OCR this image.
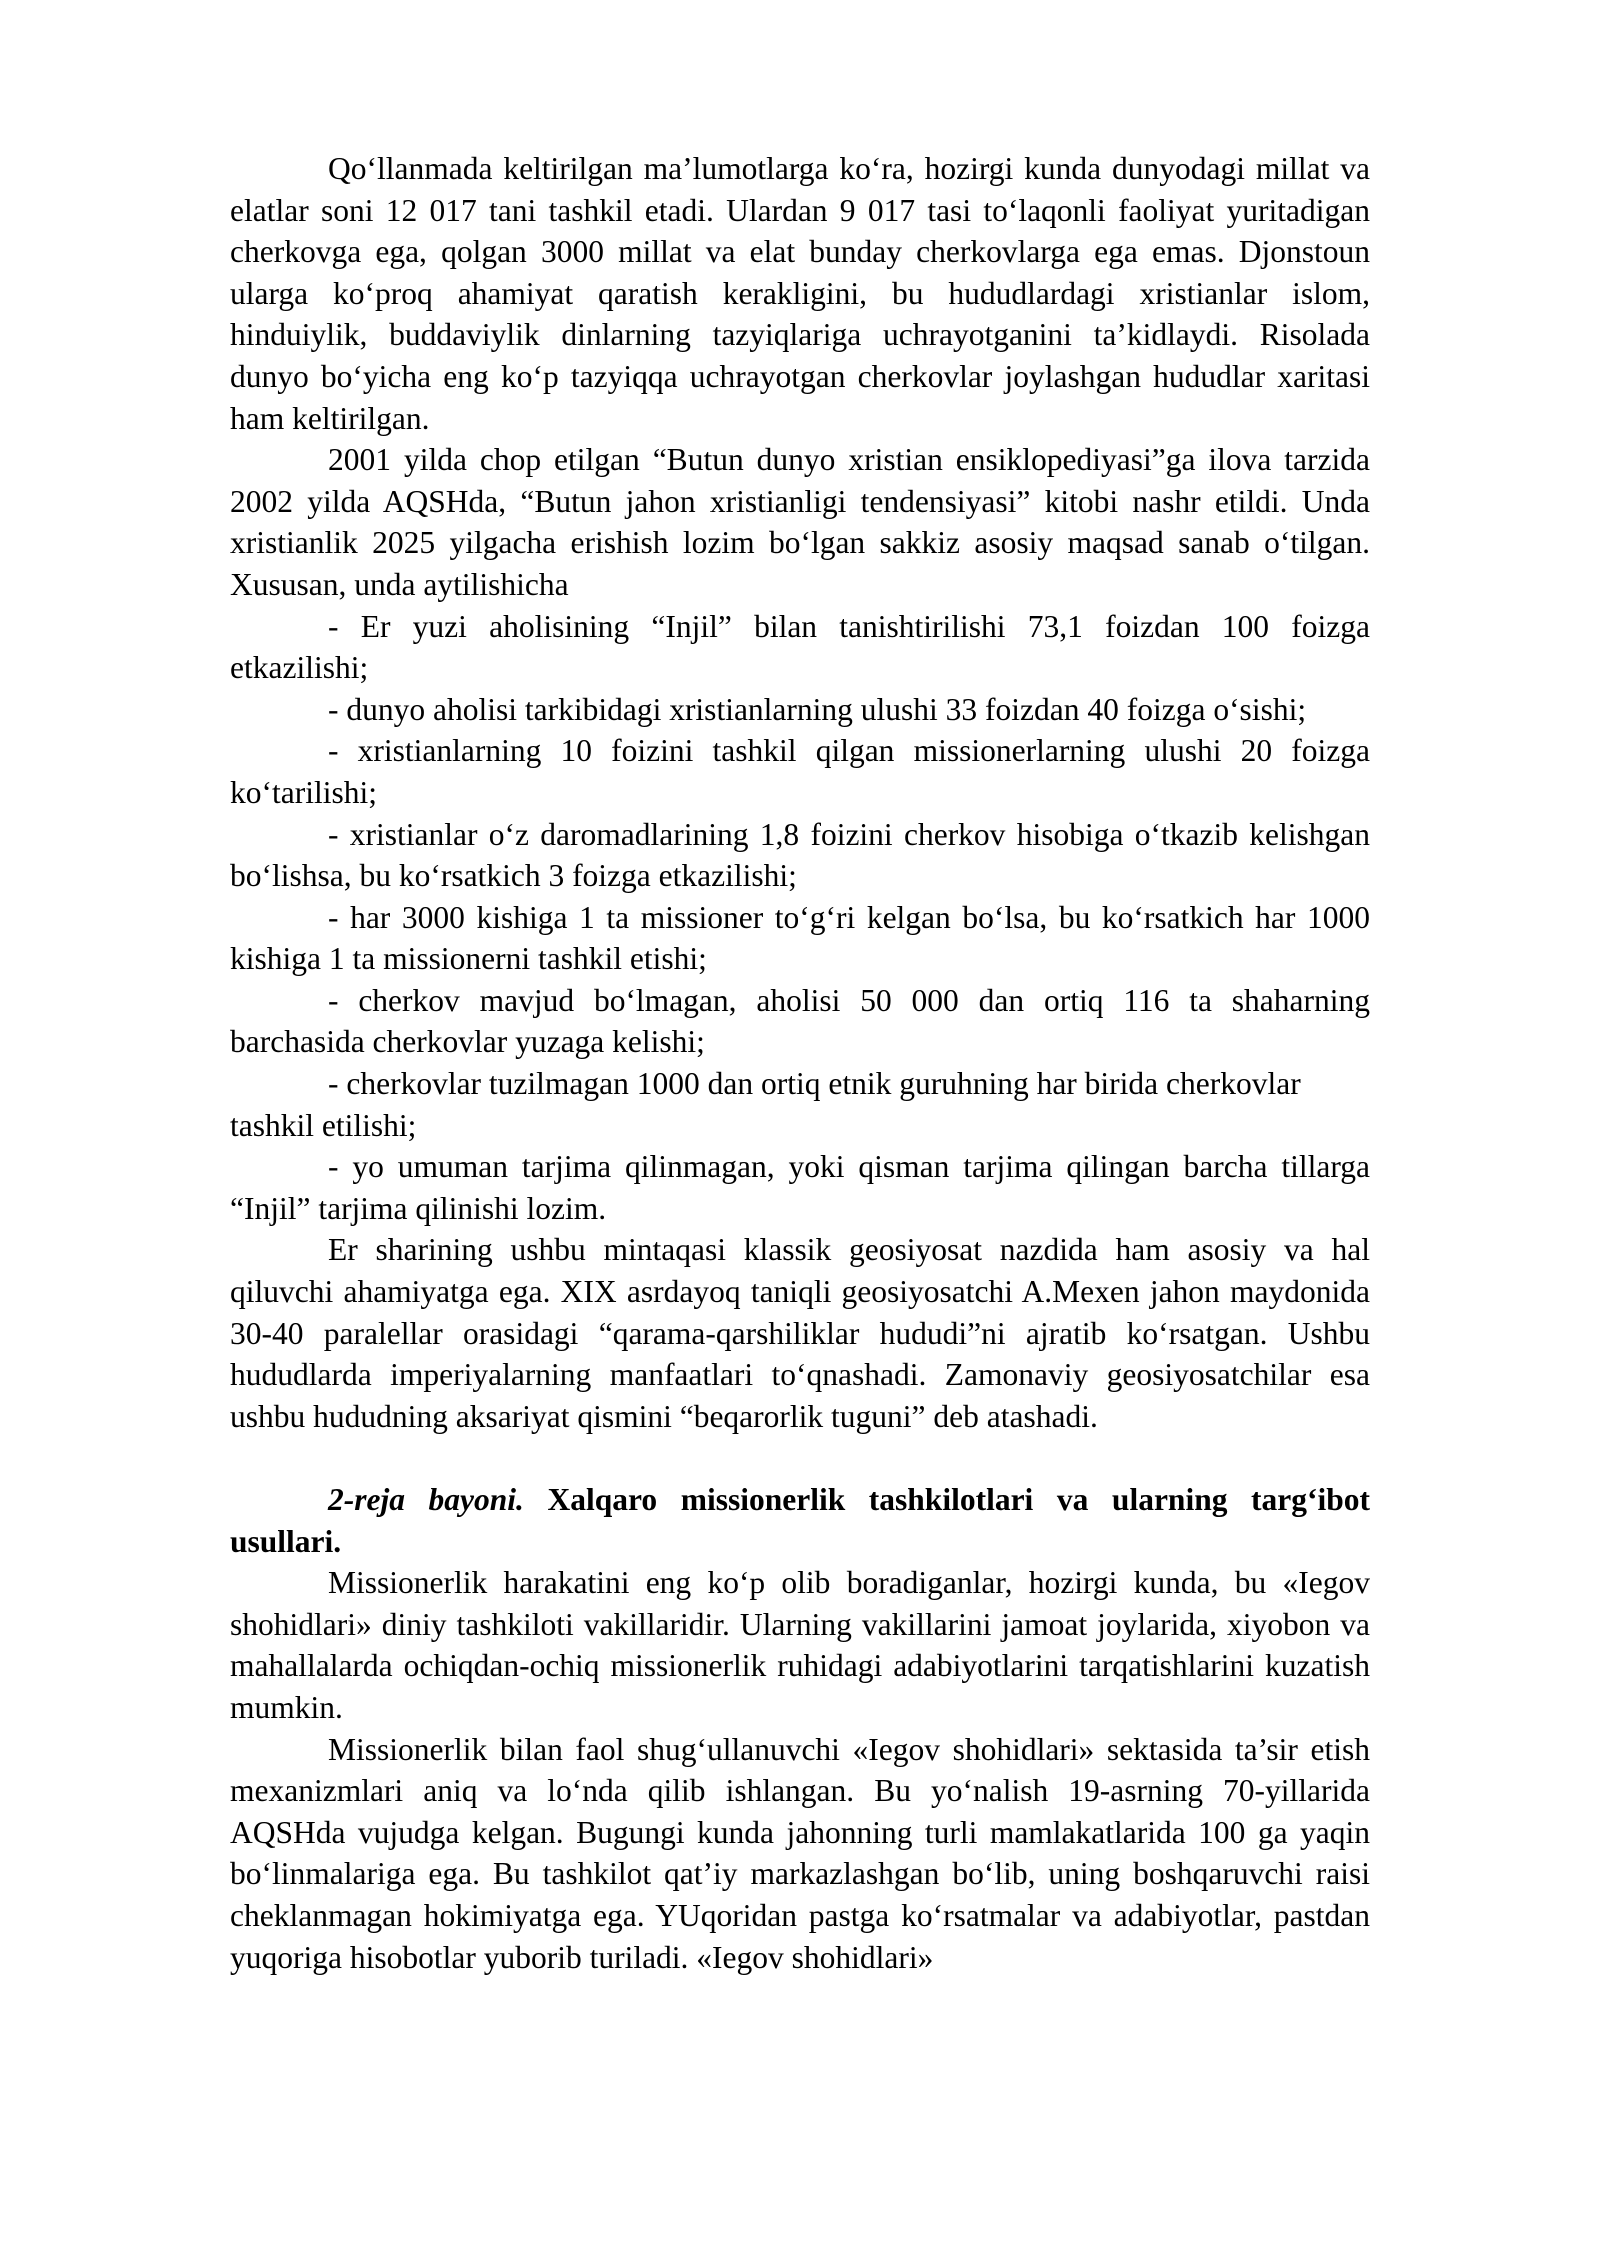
Qo‘llanmada keltirilgan ma’lumotlarga ko‘ra, hozirgi kunda dunyodagi millat va elatlar soni 12 017 tani tashkil etadi. Ulardan 9 017 tasi to‘laqonli faoliyat yuritadigan cherkovga ega, qolgan 3000 millat va elat bunday cherkovlarga ega emas. Djonstoun ularga ko‘proq ahamiyat qaratish kerakligini, bu hududlardagi xristianlar islom, hinduiylik, buddaviylik dinlarning tazyiqlariga uchrayotganini ta’kidlaydi. Risolada dunyo bo‘yicha eng ko‘p tazyiqqa uchrayotgan cherkovlar joylashgan hududlar xaritasi ham keltirilgan.

2001 yilda chop etilgan “Butun dunyo xristian ensiklopediyasi”ga ilova tarzida 2002 yilda AQSHda, “Butun jahon xristianligi tendensiyasi” kitobi nashr etildi. Unda xristianlik 2025 yilgacha erishish lozim bo‘lgan sakkiz asosiy maqsad sanab o‘tilgan. Xususan, unda aytilishicha

- Er yuzi aholisining “Injil” bilan tanishtirilishi 73,1 foizdan 100 foizga etkazilishi;

- dunyo aholisi tarkibidagi xristianlarning ulushi 33 foizdan 40 foizga o‘sishi;

- xristianlarning 10 foizini tashkil qilgan missionerlarning ulushi 20 foizga ko‘tarilishi;

- xristianlar o‘z daromadlarining 1,8 foizini cherkov hisobiga o‘tkazib kelishgan bo‘lishsa, bu ko‘rsatkich 3 foizga etkazilishi;

- har 3000 kishiga 1 ta missioner to‘g‘ri kelgan bo‘lsa, bu ko‘rsatkich har 1000 kishiga 1 ta missionerni tashkil etishi;

- cherkov mavjud bo‘lmagan, aholisi 50 000 dan ortiq 116 ta shaharning barchasida cherkovlar yuzaga kelishi;

- cherkovlar tuzilmagan 1000 dan ortiq etnik guruhning har birida cherkovlar tashkil etilishi;

- yo umuman tarjima qilinmagan, yoki qisman tarjima qilingan barcha tillarga “Injil” tarjima qilinishi lozim.

Er sharining ushbu mintaqasi klassik geosiyosat nazdida ham asosiy va hal qiluvchi ahamiyatga ega. XIX asrdayoq taniqli geosiyosatchi A.Mexen jahon maydonida 30-40 paralellar orasidagi “qarama-qarshiliklar hududi”ni ajratib ko‘rsatgan. Ushbu hududlarda imperiyalarning manfaatlari to‘qnashadi. Zamonaviy geosiyosatchilar esa ushbu hududning aksariyat qismini “beqarorlik tuguni” deb atashadi.

2-reja bayoni. Xalqaro missionerlik tashkilotlari va ularning targ‘ibot usullari.

Missionerlik harakatini eng ko‘p olib boradiganlar, hozirgi kunda, bu «Iegov shohidlari» diniy tashkiloti vakillaridir. Ularning vakillarini jamoat joylarida, xiyobon va mahallalarda ochiqdan-ochiq missionerlik ruhidagi adabiyotlarini tarqatishlarini kuzatish mumkin.

Missionerlik bilan faol shug‘ullanuvchi «Iegov shohidlari» sektasida ta’sir etish mexanizmlari aniq va lo‘nda qilib ishlangan. Bu yo‘nalish 19-asrning 70-yillarida AQSHda vujudga kelgan. Bugungi kunda jahonning turli mamlakatlarida 100 ga yaqin bo‘linmalariga ega. Bu tashkilot qat’iy markazlashgan bo‘lib, uning boshqaruvchi raisi cheklanmagan hokimiyatga ega. YUqoridan pastga ko‘rsatmalar va adabiyotlar, pastdan yuqoriga hisobotlar yuborib turiladi. «Iegov shohidlari»
